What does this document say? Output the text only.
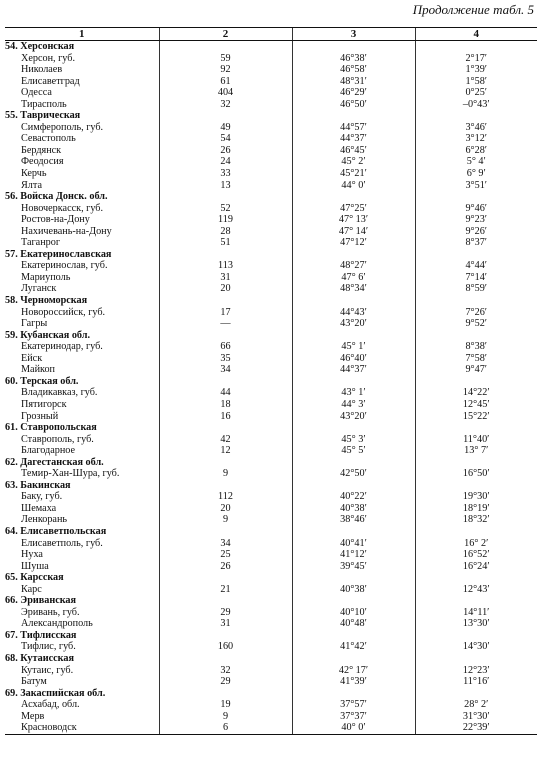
Продолжение табл. 5
1	2	3	4
54. Херсонская			
Херсон, губ.	59	46°38′	2°17′
Николаев	92	46°58′	1°39′
Елисаветград	61	48°31′	1°58′
Одесса	404	46°29′	0°25′
Тирасполь	32	46°50′	–0°43′
55. Таврическая			
Симферополь, губ.	49	44°57′	3°46′
Севастополь	54	44°37′	3°12′
Бердянск	26	46°45′	6°28′
Феодосия	24	45° 2′	5° 4′
Керчь	33	45°21′	6° 9′
Ялта	13	44° 0′	3°51′
56. Войска Донск. обл.			
Новочеркасск, губ.	52	47°25′	9°46′
Ростов-на-Дону	119	47° 13′	9°23′
Нахичевань-на-Дону	28	47° 14′	9°26′
Таганрог	51	47°12′	8°37′
57. Екатеринославская			
Екатеринослав, губ.	113	48°27′	4°44′
Мариуполь	31	47° 6′	7°14′
Луганск	20	48°34′	8°59′
58. Черноморская			
Новороссийск, губ.	17	44°43′	7°26′
Гагры	—	43°20′	9°52′
59. Кубанская обл.			
Екатеринодар, губ.	66	45° 1′	8°38′
Ейск	35	46°40′	7°58′
Майкоп	34	44°37′	9°47′
60. Терская обл.			
Владикавказ, губ.	44	43° 1′	14°22′
Пятигорск	18	44° 3′	12°45′
Грозный	16	43°20′	15°22′
61. Ставропольская			
Ставрополь, губ.	42	45° 3′	11°40′
Благодарное	12	45° 5′	13° 7′
62. Дагестанская обл.			
Темир-Хан-Шура, губ.	9	42°50′	16°50′
63. Бакинская			
Баку, губ.	112	40°22′	19°30′
Шемаха	20	40°38′	18°19′
Ленкорань	9	38°46′	18°32′
64. Елисаветпольская			
Елисаветполь, губ.	34	40°41′	16° 2′
Нуха	25	41°12′	16°52′
Шуша	26	39°45′	16°24′
65. Карсская			
Карс	21	40°38′	12°43′
66. Эриванская			
Эривань, губ.	29	40°10′	14°11′
Александрополь	31	40°48′	13°30′
67. Тифлисская			
Тифлис, губ.	160	41°42′	14°30′
68. Кутаисская			
Кутаис, губ.	32	42° 17′	12°23′
Батум	29	41°39′	11°16′
69. Закаспийская обл.			
Асхабад, обл.	19	37°57′	28° 2′
Мерв	9	37°37′	31°30′
Красноводск	6	40° 0′	22°39′
